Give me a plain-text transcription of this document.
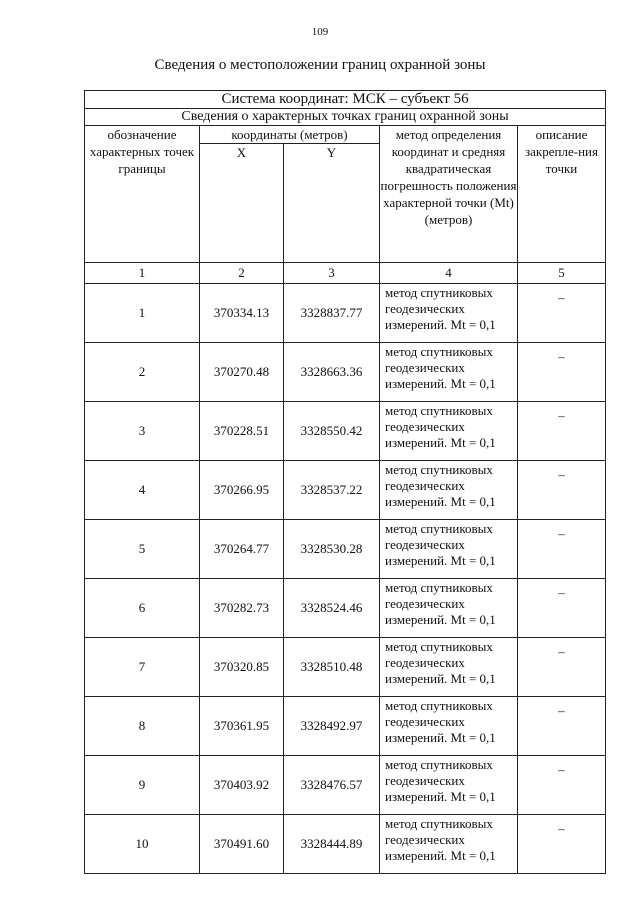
109
Сведения о местоположении границ охранной зоны
Система координат: МСК – субъект 56				
Сведения о характерных точках границ охранной зоны				
обозначение характерных точек границы	координаты (метров)		метод определения координат и средняя квадратическая погрешность положения характерной точки (Mt) (метров)	описание закрепле-ния точки
	X	Y		
1	2	3	4	5
1	370334.13	3328837.77	метод спутниковых геодезических измерений. Mt = 0,1	–
2	370270.48	3328663.36	метод спутниковых геодезических измерений. Mt = 0,1	–
3	370228.51	3328550.42	метод спутниковых геодезических измерений. Mt = 0,1	–
4	370266.95	3328537.22	метод спутниковых геодезических измерений. Mt = 0,1	–
5	370264.77	3328530.28	метод спутниковых геодезических измерений. Mt = 0,1	–
6	370282.73	3328524.46	метод спутниковых геодезических измерений. Mt = 0,1	–
7	370320.85	3328510.48	метод спутниковых геодезических измерений. Mt = 0,1	–
8	370361.95	3328492.97	метод спутниковых геодезических измерений. Mt = 0,1	–
9	370403.92	3328476.57	метод спутниковых геодезических измерений. Mt = 0,1	–
10	370491.60	3328444.89	метод спутниковых геодезических измерений. Mt = 0,1	–
